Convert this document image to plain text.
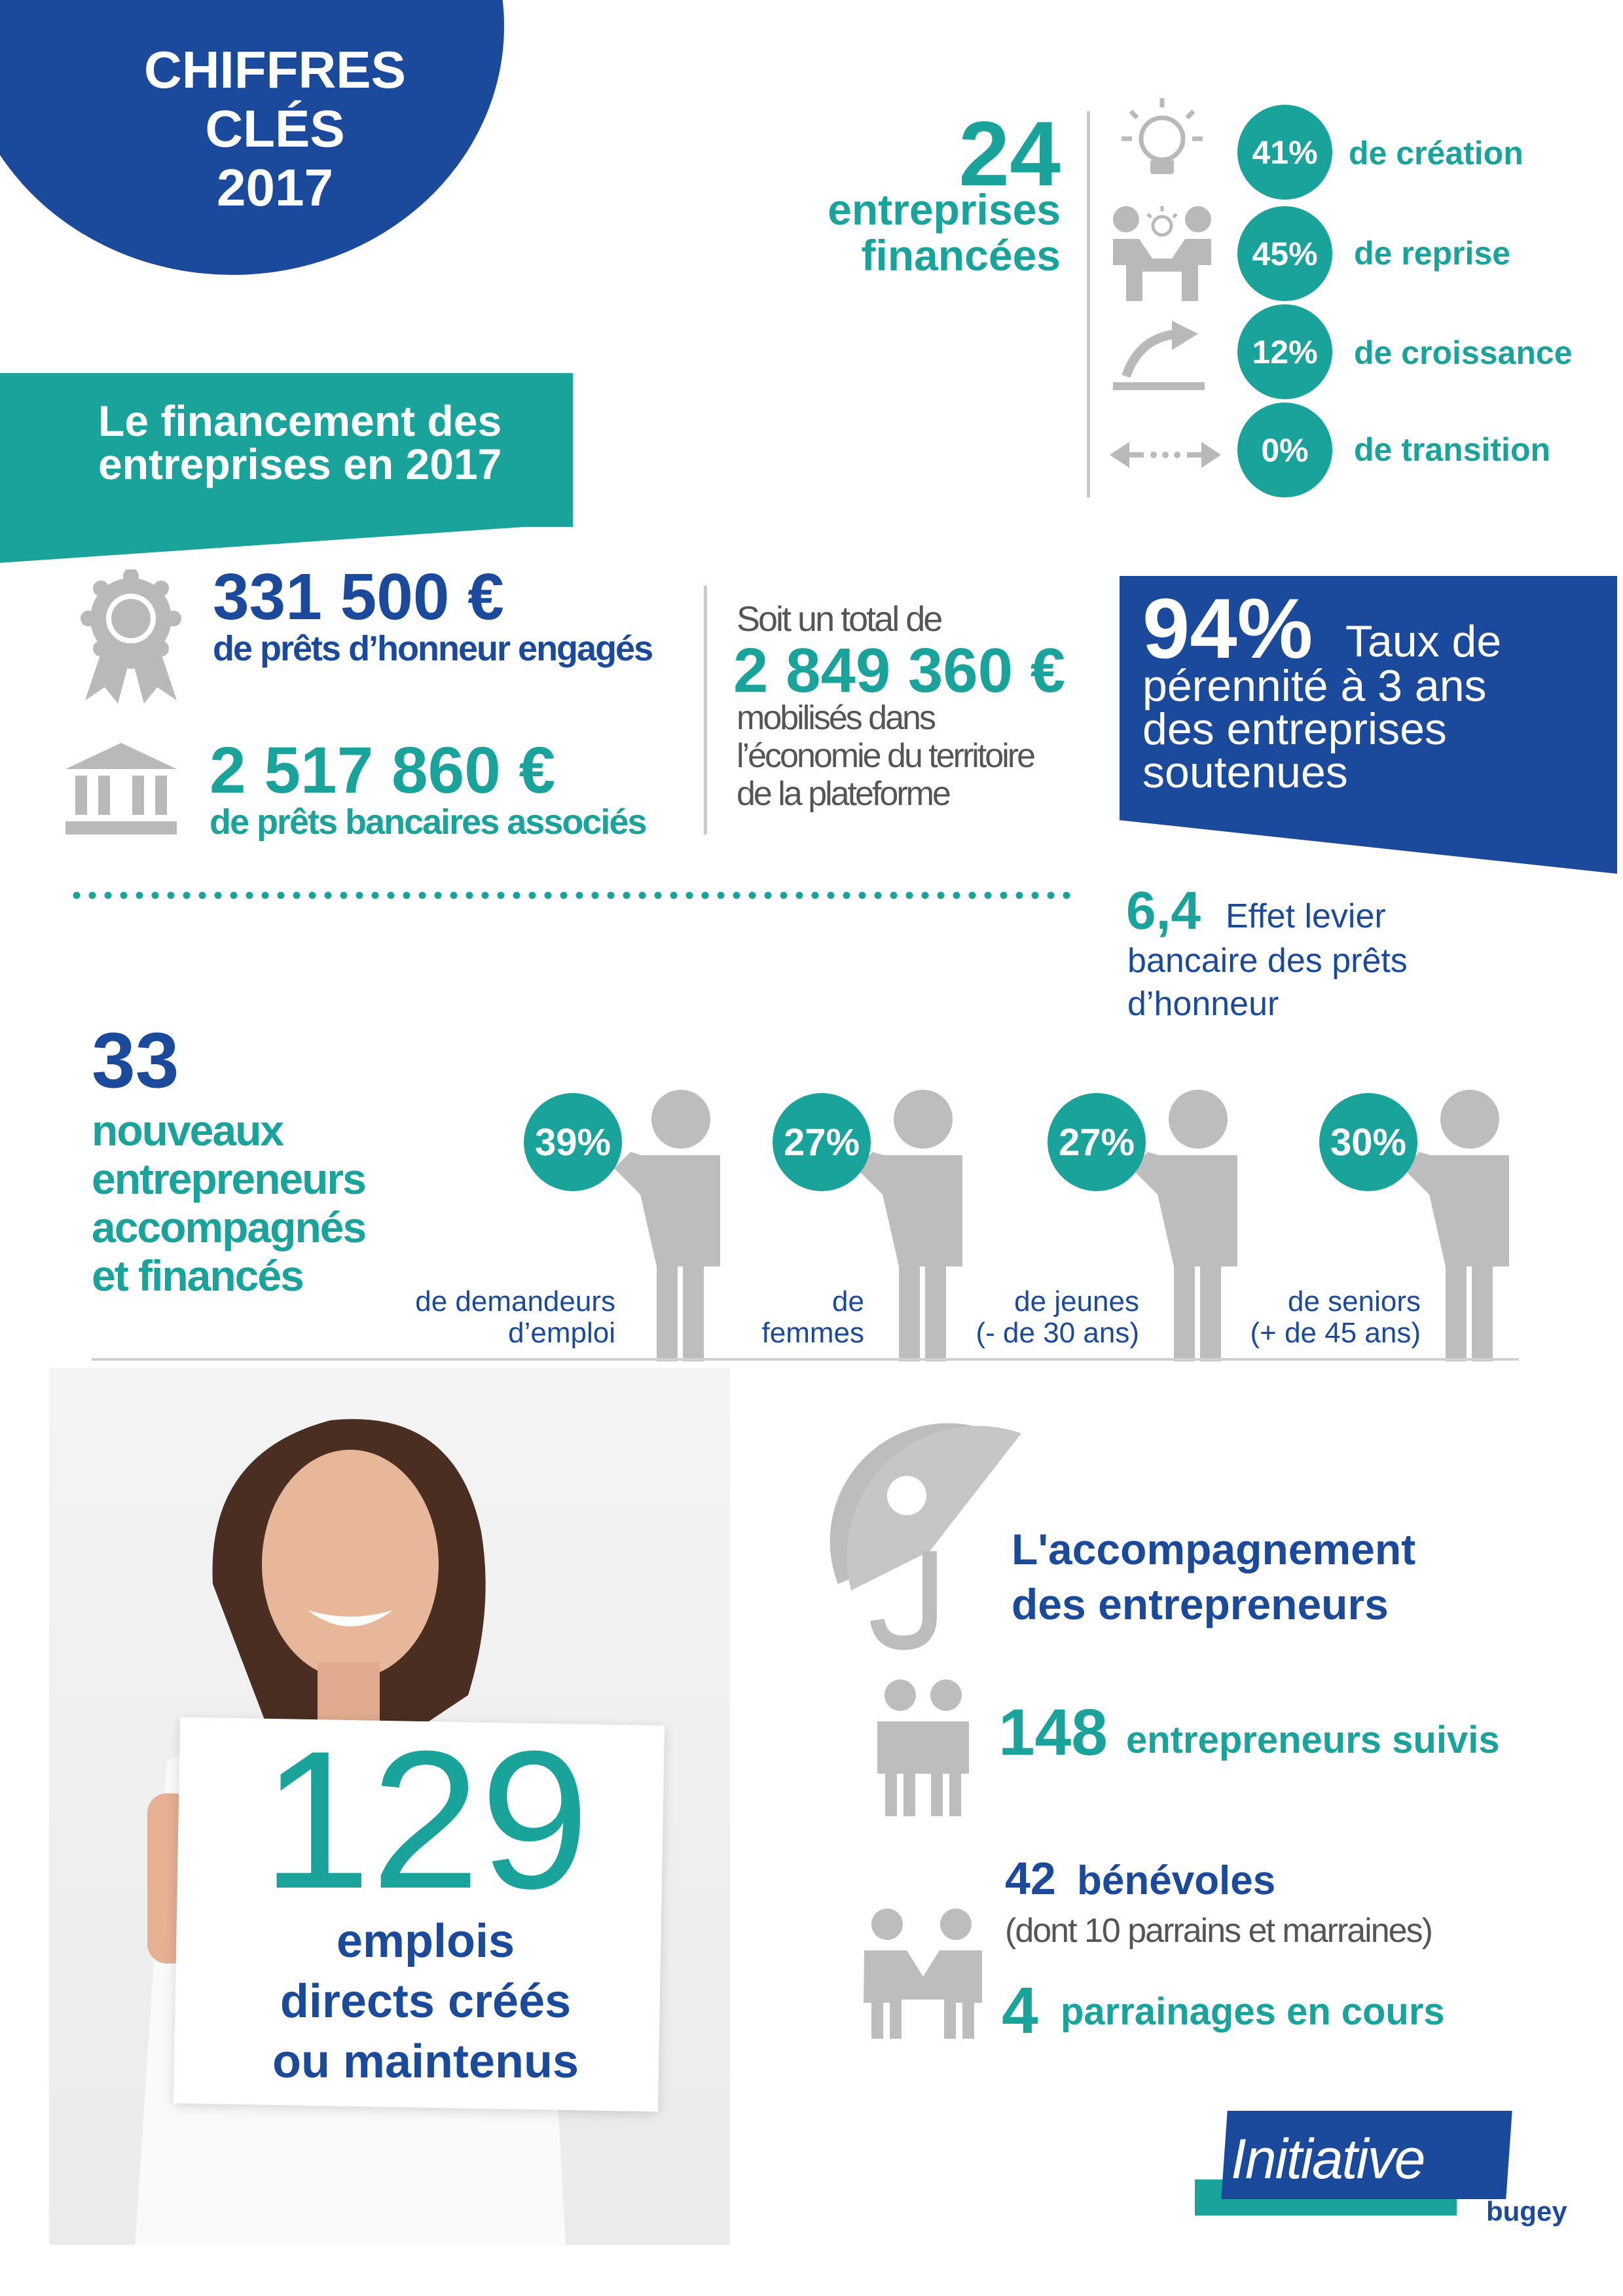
CHIFFRES
CLÉS
2017	24
entreprises
financées
41% de création
45%	de reprise
12%	de croissance
0%	de transition
Le financement des
entreprises en 2017
331 500 €
de prêts d’honneur engagés
2 517 860 €
de prêts bancaires associés
Soit un total de
2 849 360 €
mobilisés dans
l’économie du territoire
de la plateforme
94% Taux de
pérennité à 3 ans
des entreprises
soutenues
6,4 Effet levier
bancaire des prêts
d’honneur
33
nouveaux
entrepreneurs
accompagnés
et financés
39%	27%	27%	30%
de demandeurs
d’emploi
de
femmes
de jeunes
(- de 30 ans)
de seniors
(+ de 45 ans)
129
emplois
directs créés
ou maintenus
L'accompagnement
des entrepreneurs
148 entrepreneurs suivis
42 bénévoles
(dont 10 parrains et marraines)
4 parrainages en cours
Initiative
bugey
